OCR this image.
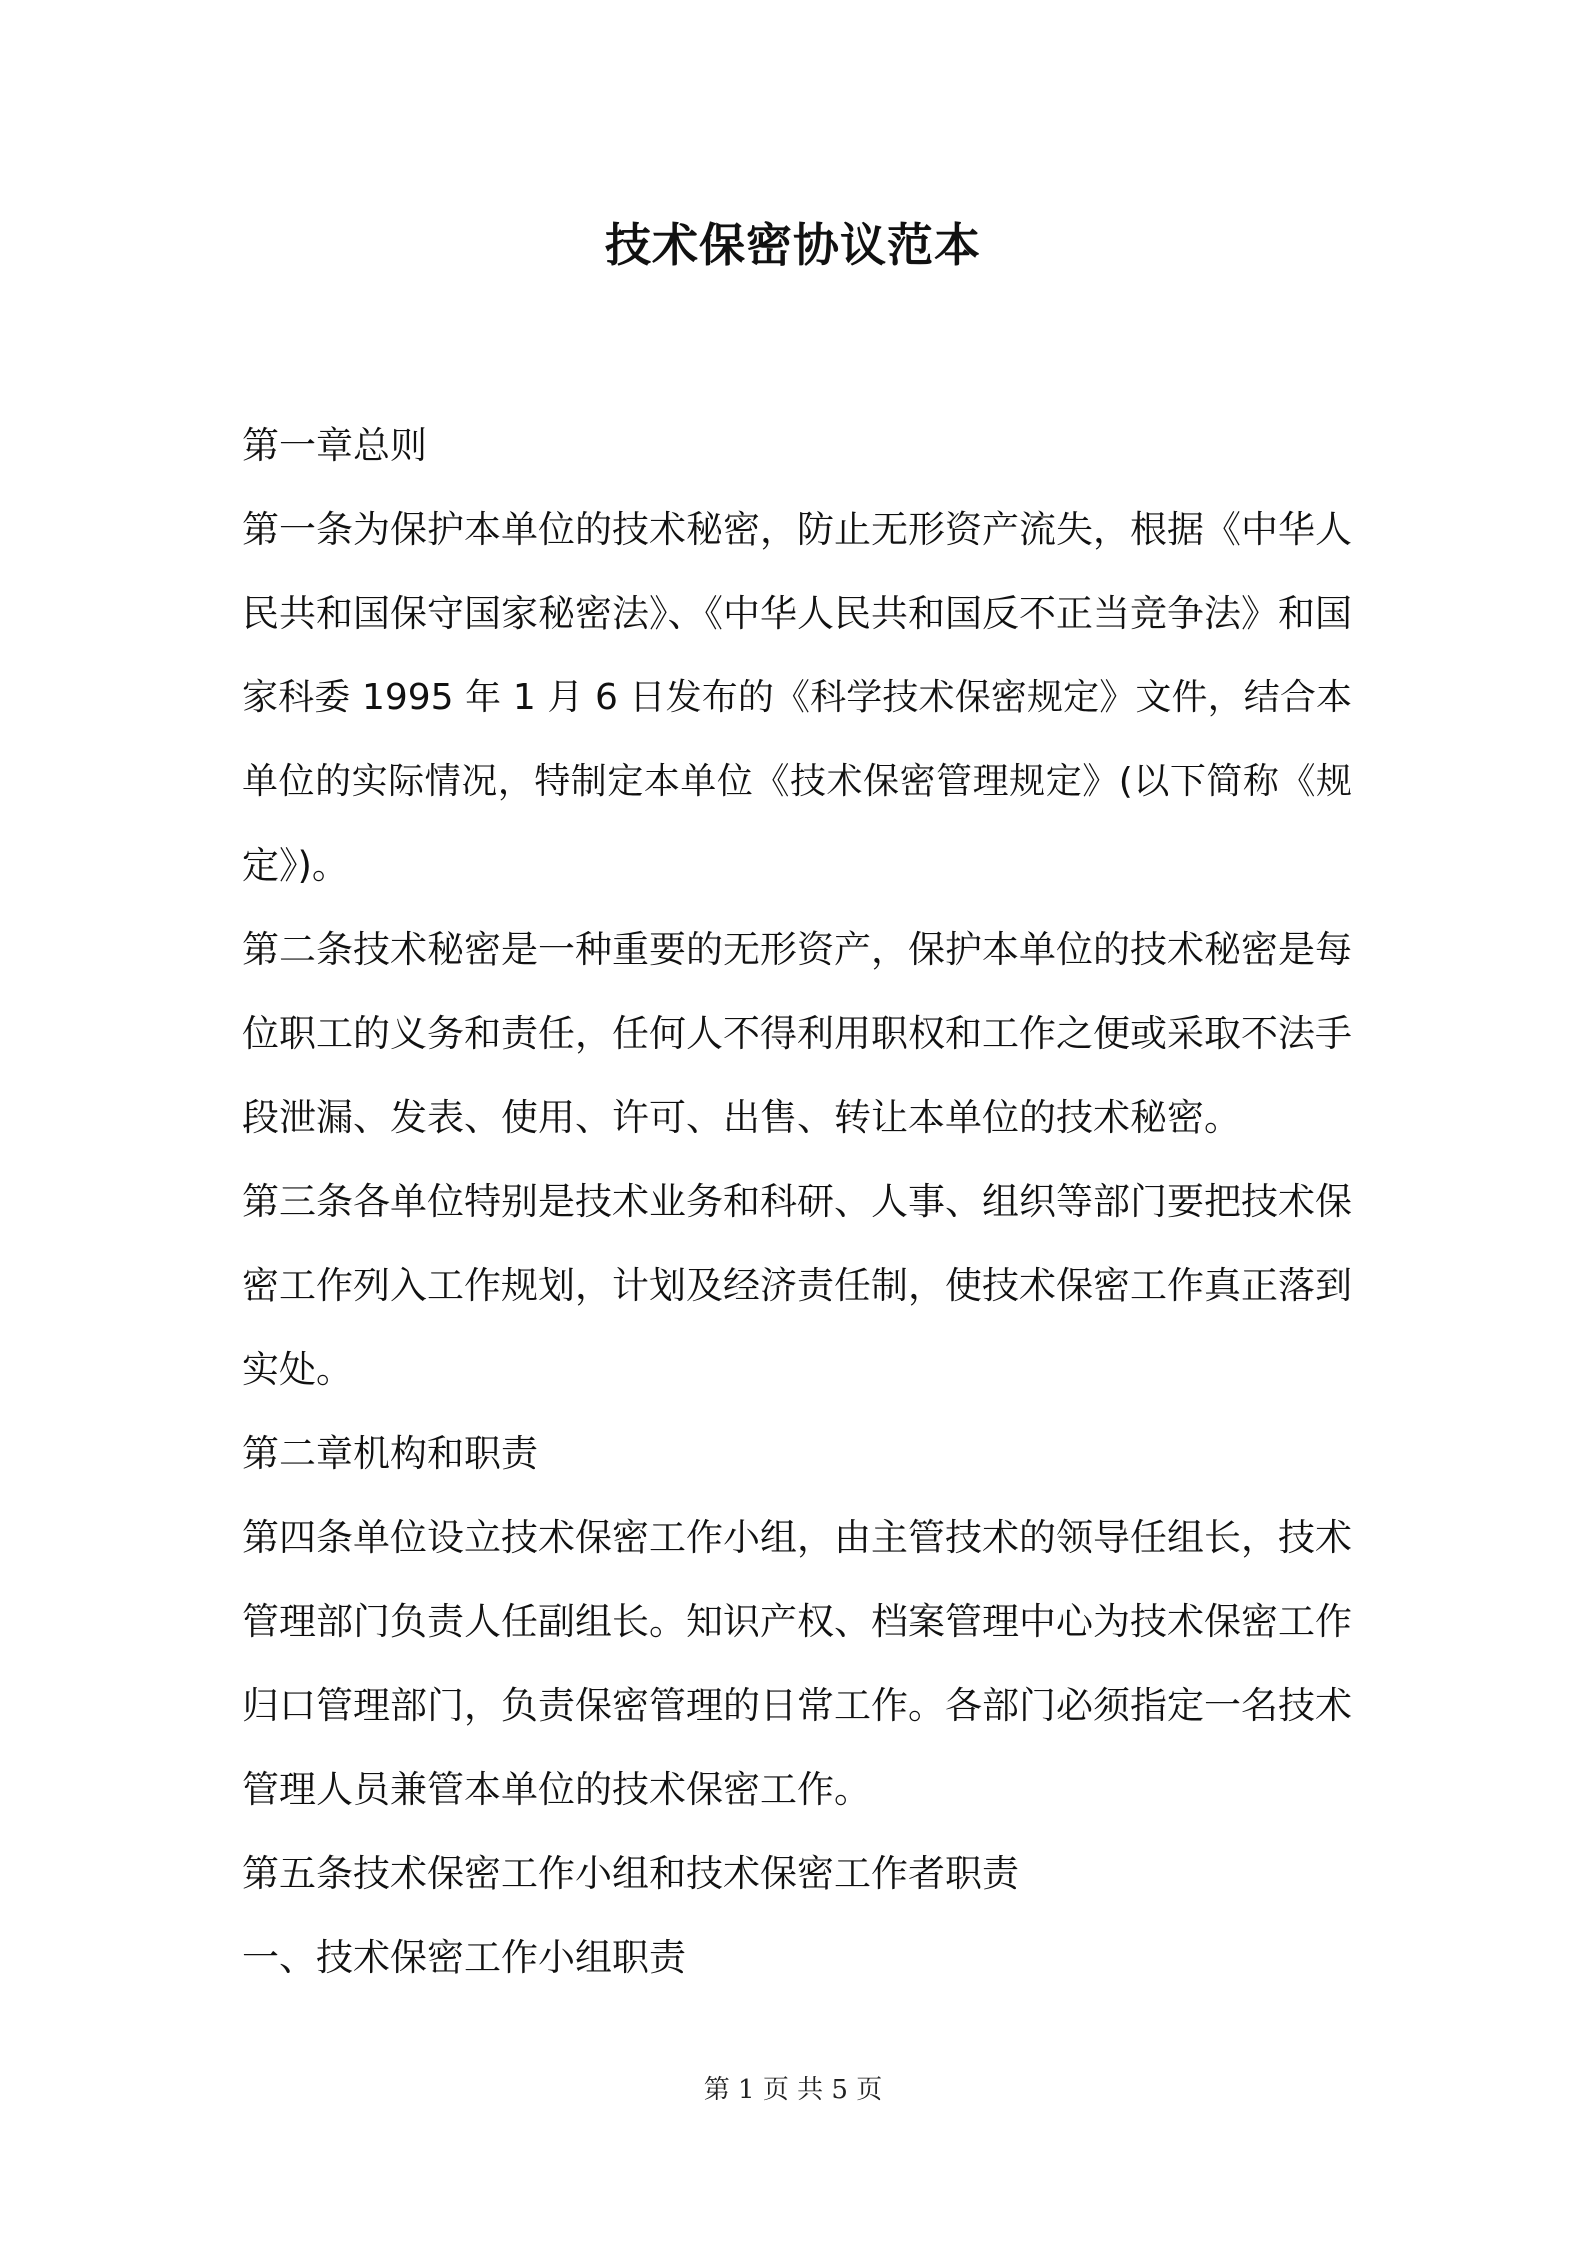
技术保密协议范本
第一章总则
第一条为保护本单位的技术秘密，防止无形资产流失，根据《中华人
民共和国保守国家秘密法》、《中华人民共和国反不正当竞争法》和国
家科委 1995 年 1 月 6 日发布的《科学技术保密规定》文件，结合本
单位的实际情况，特制定本单位《技术保密管理规定》(以下简称《规
定》)。
第二条技术秘密是一种重要的无形资产，保护本单位的技术秘密是每
位职工的义务和责任，任何人不得利用职权和工作之便或采取不法手
段泄漏、发表、使用、许可、出售、转让本单位的技术秘密。
第三条各单位特别是技术业务和科研、人事、组织等部门要把技术保
密工作列入工作规划，计划及经济责任制，使技术保密工作真正落到
实处。
第二章机构和职责
第四条单位设立技术保密工作小组，由主管技术的领导任组长，技术
管理部门负责人任副组长。知识产权、档案管理中心为技术保密工作
归口管理部门，负责保密管理的日常工作。各部门必须指定一名技术
管理人员兼管本单位的技术保密工作。
第五条技术保密工作小组和技术保密工作者职责
一、技术保密工作小组职责
第 1 页 共 5 页
